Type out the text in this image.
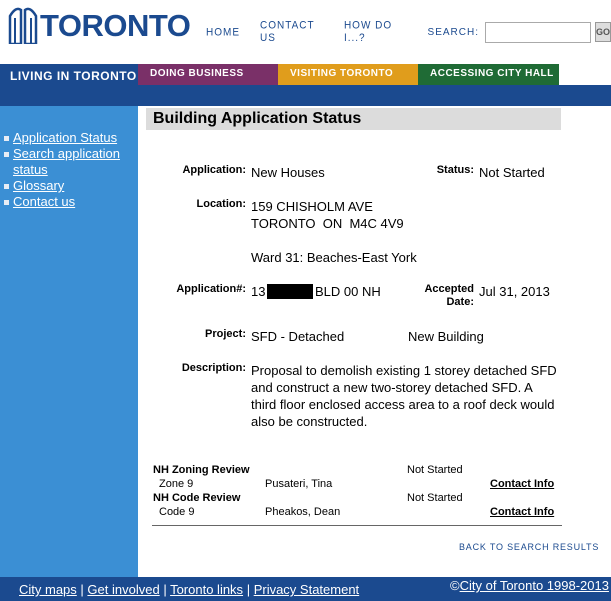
TORONTO HOME CONTACT US
HOW DO I...?	SEARCH:	GO
LIVING IN TORONTO	DOING BUSINESS	VISITING TORONTO	ACCESSING CITY HALL
Application Status
Search application status
Glossary
Contact us
Building Application Status
Application: New Houses	Status: Not Started
Location: 159 CHISHOLM AVE
TORONTO  ON  M4C 4V9
Ward 31: Beaches-East York
Application#: 13	BLD 00 NH	Accepted
Date:
Jul 31, 2013
Project: SFD - Detached	New Building
Description: Proposal to demolish existing 1 storey detached SFD
and construct a new two-storey detached SFD. A
third floor enclosed access area to a roof deck would
also be constructed.
NH Zoning Review	Not Started
Zone 9	Pusateri, Tina	Contact Info
NH Code Review	Not Started
Code 9	Pheakos, Dean	Contact Info
BACK TO SEARCH RESULTS
City maps | Get involved | Toronto links | Privacy Statement	©City of Toronto 1998-2013
